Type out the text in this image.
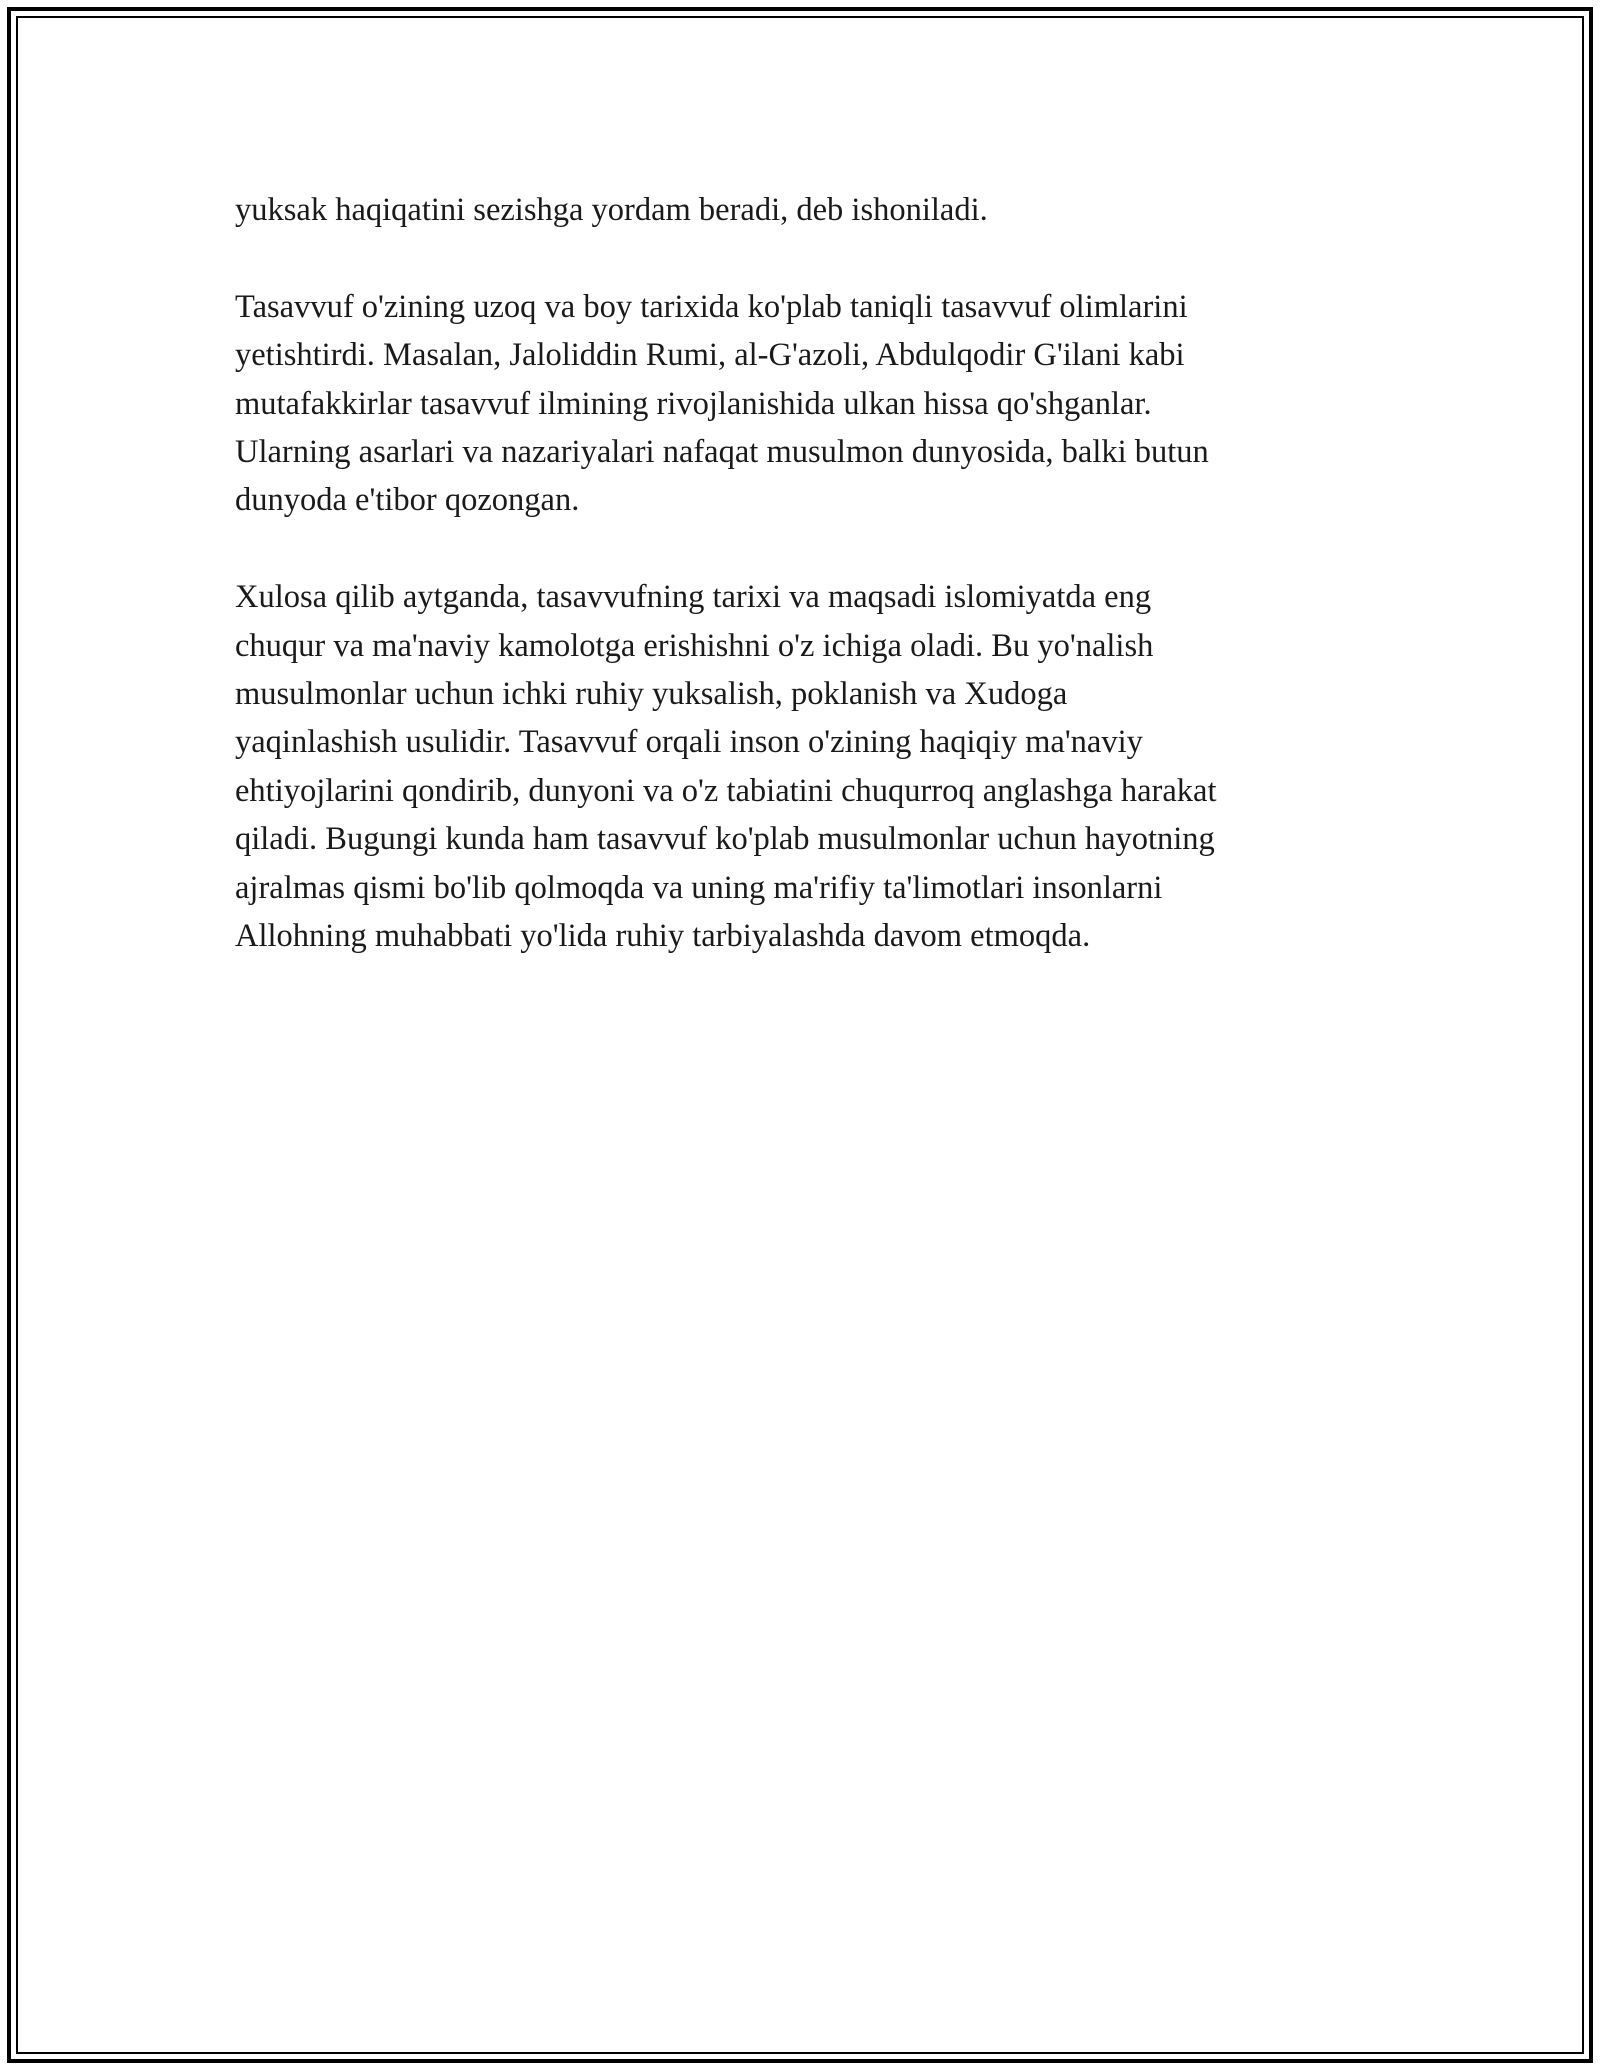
yuksak haqiqatini sezishga yordam beradi, deb ishoniladi.

Tasavvuf o'zining uzoq va boy tarixida ko'plab taniqli tasavvuf olimlarini
yetishtirdi. Masalan, Jaloliddin Rumi, al-G'azoli, Abdulqodir G'ilani kabi
mutafakkirlar tasavvuf ilmining rivojlanishida ulkan hissa qo'shganlar.
Ularning asarlari va nazariyalari nafaqat musulmon dunyosida, balki butun
dunyoda e'tibor qozongan.

Xulosa qilib aytganda, tasavvufning tarixi va maqsadi islomiyatda eng
chuqur va ma'naviy kamolotga erishishni o'z ichiga oladi. Bu yo'nalish
musulmonlar uchun ichki ruhiy yuksalish, poklanish va Xudoga
yaqinlashish usulidir. Tasavvuf orqali inson o'zining haqiqiy ma'naviy
ehtiyojlarini qondirib, dunyoni va o'z tabiatini chuqurroq anglashga harakat
qiladi. Bugungi kunda ham tasavvuf ko'plab musulmonlar uchun hayotning
ajralmas qismi bo'lib qolmoqda va uning ma'rifiy ta'limotlari insonlarni
Allohning muhabbati yo'lida ruhiy tarbiyalashda davom etmoqda.
